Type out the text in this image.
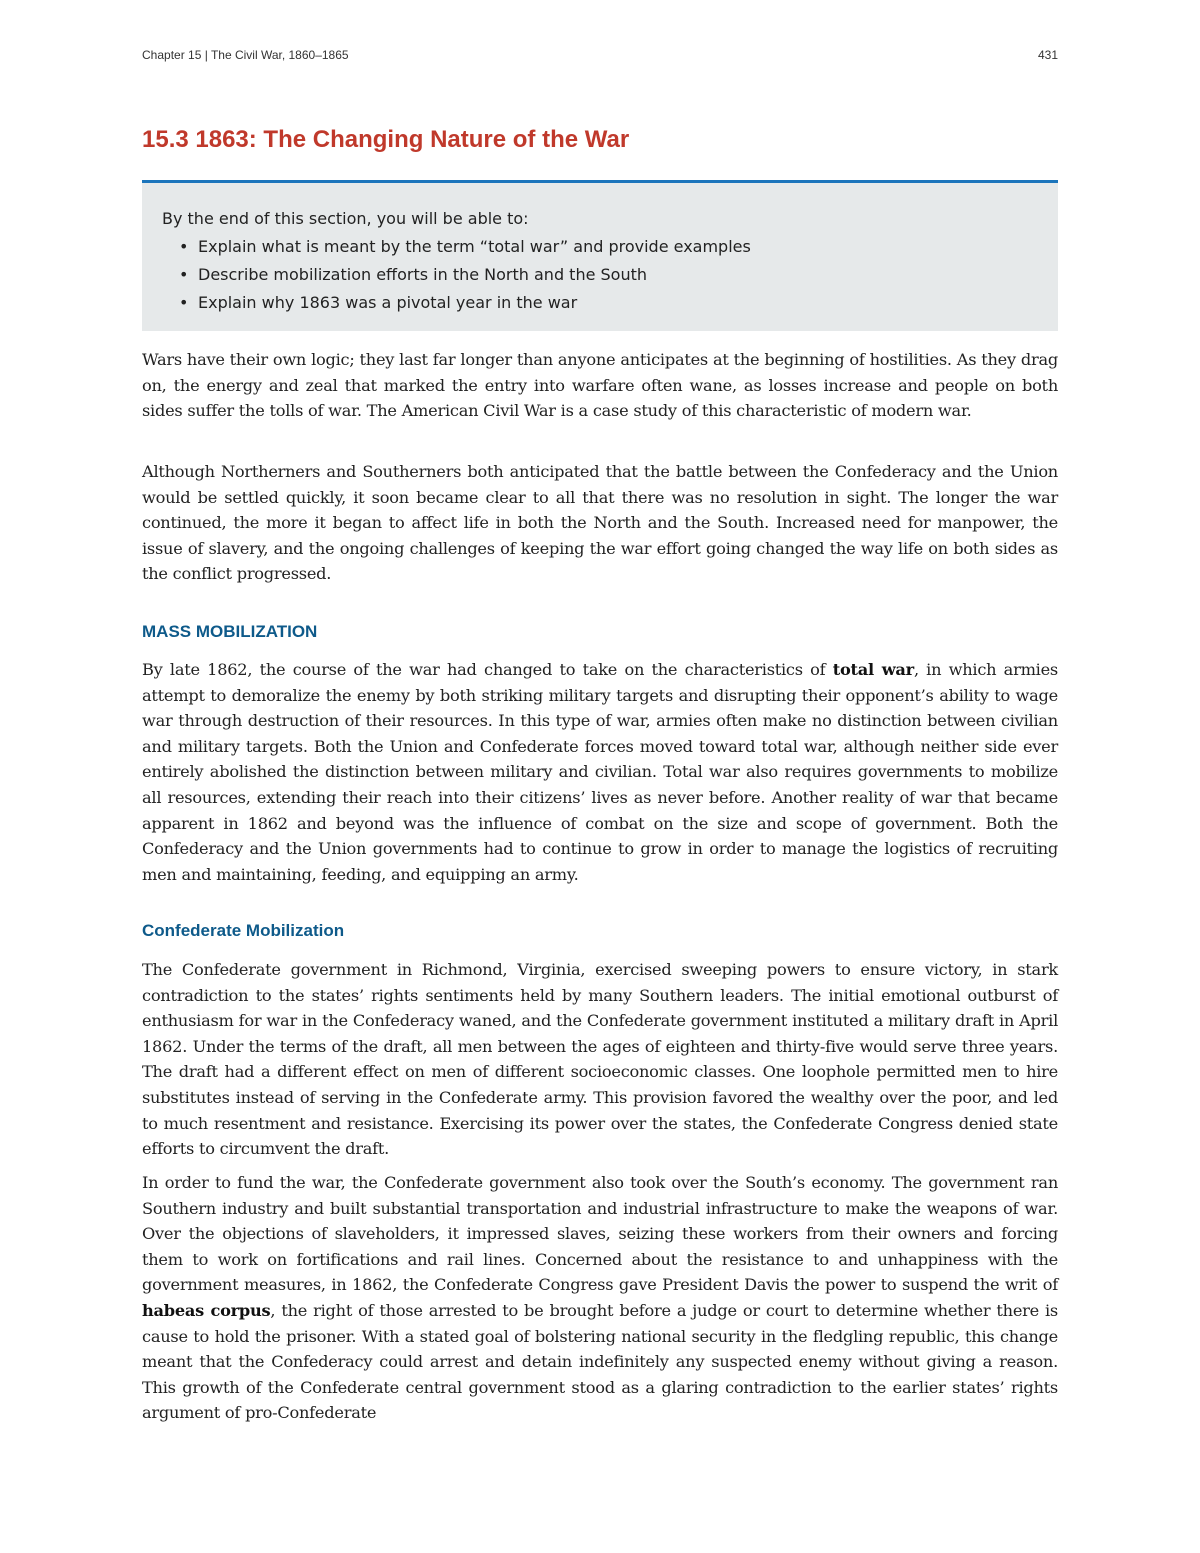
Chapter 15 | The Civil War, 1860–1865	431
15.3 1863: The Changing Nature of the War
By the end of this section, you will be able to:
• Explain what is meant by the term “total war” and provide examples
• Describe mobilization efforts in the North and the South
• Explain why 1863 was a pivotal year in the war

Wars have their own logic; they last far longer than anyone anticipates at the beginning of hostilities. As they drag on, the energy and zeal that marked the entry into warfare often wane, as losses increase and people on both sides suffer the tolls of war. The American Civil War is a case study of this characteristic of modern war.

Although Northerners and Southerners both anticipated that the battle between the Confederacy and the Union would be settled quickly, it soon became clear to all that there was no resolution in sight. The longer the war continued, the more it began to affect life in both the North and the South. Increased need for manpower, the issue of slavery, and the ongoing challenges of keeping the war effort going changed the way life on both sides as the conflict progressed.

MASS MOBILIZATION

By late 1862, the course of the war had changed to take on the characteristics of total war, in which armies attempt to demoralize the enemy by both striking military targets and disrupting their opponent’s ability to wage war through destruction of their resources. In this type of war, armies often make no distinction between civilian and military targets. Both the Union and Confederate forces moved toward total war, although neither side ever entirely abolished the distinction between military and civilian. Total war also requires governments to mobilize all resources, extending their reach into their citizens’ lives as never before. Another reality of war that became apparent in 1862 and beyond was the influence of combat on the size and scope of government. Both the Confederacy and the Union governments had to continue to grow in order to manage the logistics of recruiting men and maintaining, feeding, and equipping an army.

Confederate Mobilization

The Confederate government in Richmond, Virginia, exercised sweeping powers to ensure victory, in stark contradiction to the states’ rights sentiments held by many Southern leaders. The initial emotional outburst of enthusiasm for war in the Confederacy waned, and the Confederate government instituted a military draft in April 1862. Under the terms of the draft, all men between the ages of eighteen and thirty-five would serve three years. The draft had a different effect on men of different socioeconomic classes. One loophole permitted men to hire substitutes instead of serving in the Confederate army. This provision favored the wealthy over the poor, and led to much resentment and resistance. Exercising its power over the states, the Confederate Congress denied state efforts to circumvent the draft.

In order to fund the war, the Confederate government also took over the South’s economy. The government ran Southern industry and built substantial transportation and industrial infrastructure to make the weapons of war. Over the objections of slaveholders, it impressed slaves, seizing these workers from their owners and forcing them to work on fortifications and rail lines. Concerned about the resistance to and unhappiness with the government measures, in 1862, the Confederate Congress gave President Davis the power to suspend the writ of habeas corpus, the right of those arrested to be brought before a judge or court to determine whether there is cause to hold the prisoner. With a stated goal of bolstering national security in the fledgling republic, this change meant that the Confederacy could arrest and detain indefinitely any suspected enemy without giving a reason. This growth of the Confederate central government stood as a glaring contradiction to the earlier states’ rights argument of pro-Confederate
